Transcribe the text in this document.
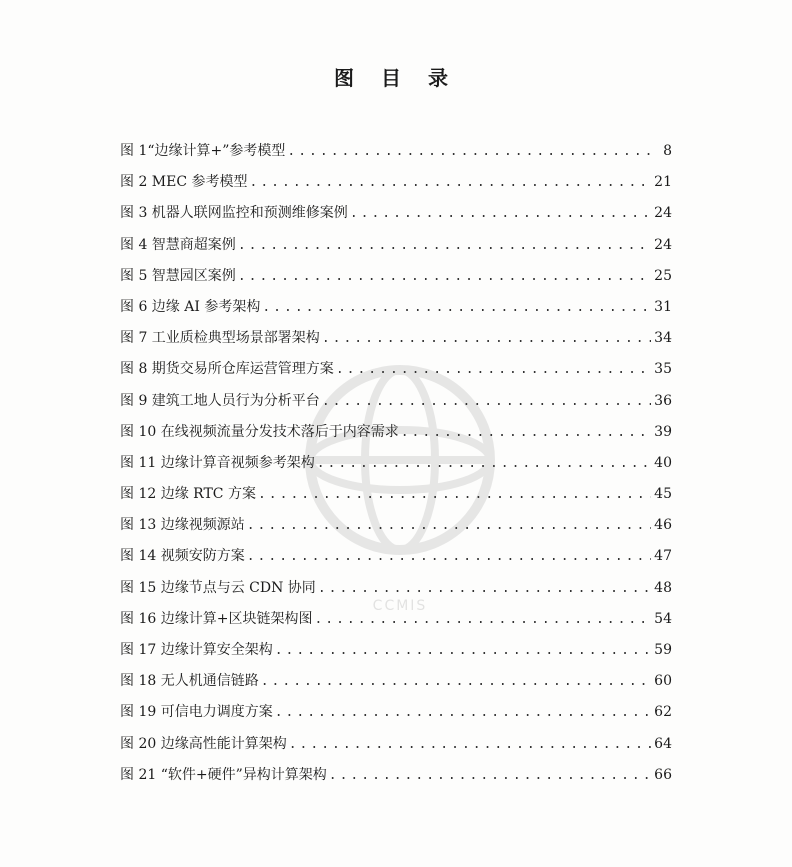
图 目 录
CCMIS
图 1“边缘计算+”参考模型 .....	8
图 2 MEC 参考模型 .....	21
图 3 机器人联网监控和预测维修案例 .....	24
图 4 智慧商超案例 .....	24
图 5 智慧园区案例 .....	25
图 6 边缘 AI 参考架构 .....	31
图 7 工业质检典型场景部署架构 .....	34
图 8 期货交易所仓库运营管理方案 .....	35
图 9 建筑工地人员行为分析平台 .....	36
图 10 在线视频流量分发技术落后于内容需求 .....	39
图 11 边缘计算音视频参考架构 .....	40
图 12 边缘 RTC 方案 .....	45
图 13 边缘视频源站 .....	46
图 14 视频安防方案 .....	47
图 15 边缘节点与云 CDN 协同 .....	48
图 16 边缘计算+区块链架构图 .....	54
图 17 边缘计算安全架构 .....	59
图 18 无人机通信链路 .....	60
图 19 可信电力调度方案 .....	62
图 20 边缘高性能计算架构 .....	64
图 21 “软件+硬件”异构计算架构 .....	66
